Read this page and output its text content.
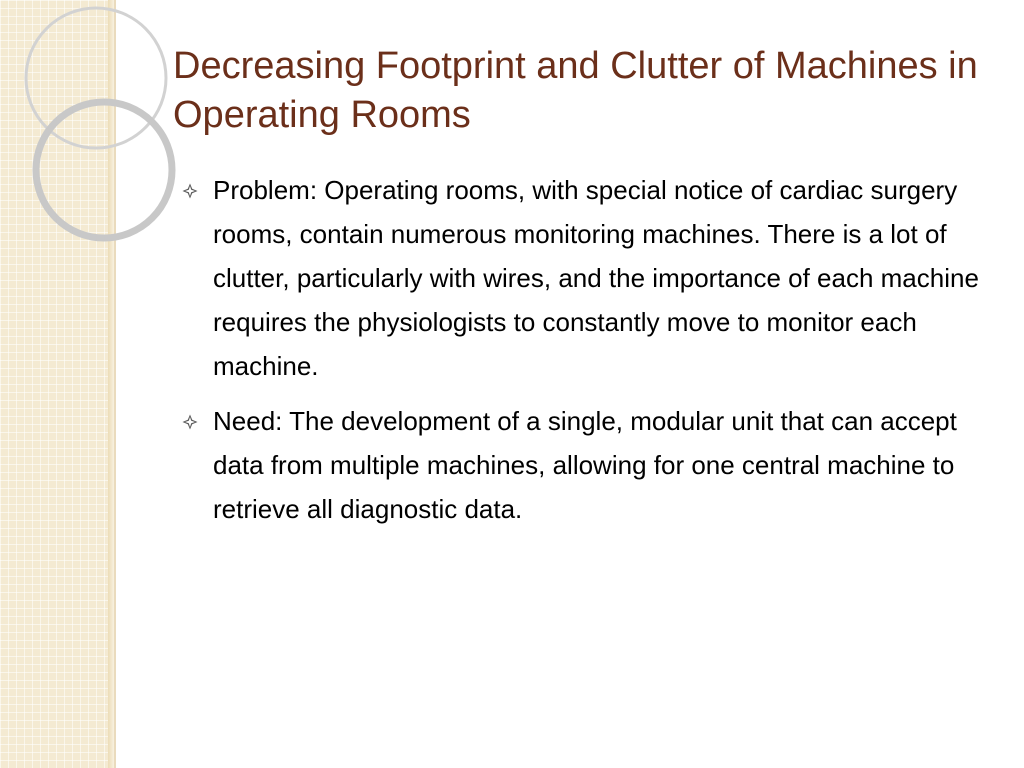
Decreasing Footprint and Clutter of Machines in Operating Rooms
Problem: Operating rooms, with special notice of cardiac surgery rooms, contain numerous monitoring machines. There is a lot of clutter, particularly with wires, and the importance of each machine requires the physiologists to constantly move to monitor each machine.
Need: The development of a single, modular unit that can accept data from multiple machines, allowing for one central machine to retrieve all diagnostic data.
